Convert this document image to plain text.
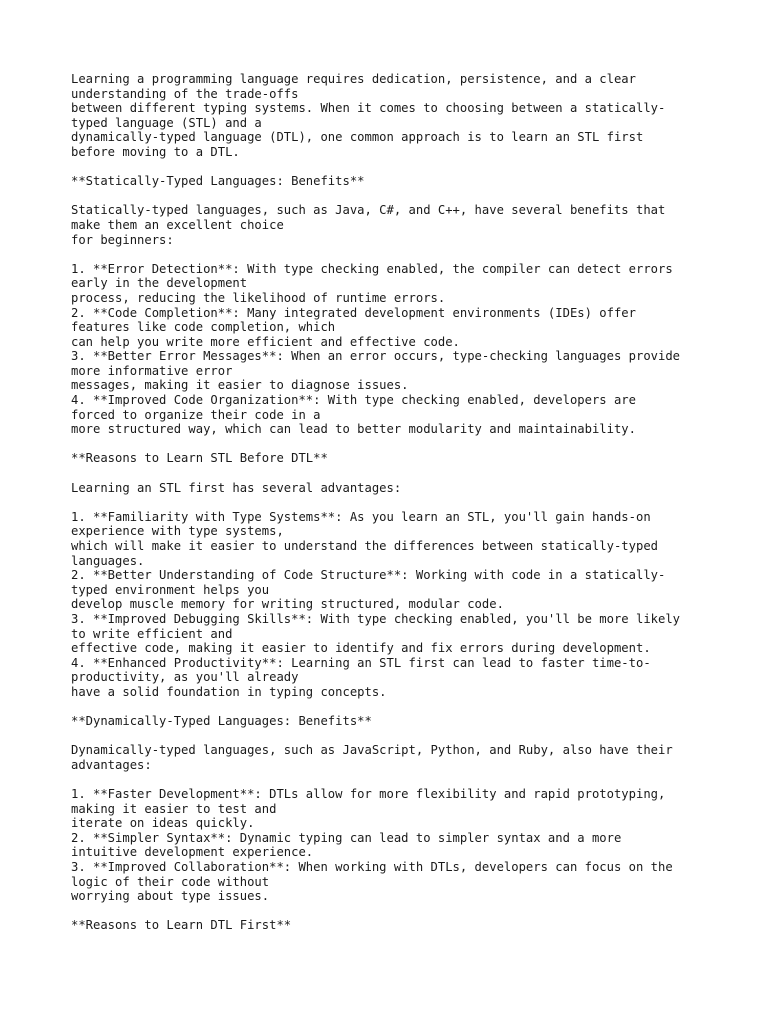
Learning a programming language requires dedication, persistence, and a clear
understanding of the trade-offs
between different typing systems. When it comes to choosing between a statically-
typed language (STL) and a
dynamically-typed language (DTL), one common approach is to learn an STL first
before moving to a DTL.
**Statically-Typed Languages: Benefits**
Statically-typed languages, such as Java, C#, and C++, have several benefits that
make them an excellent choice
for beginners:
1. **Error Detection**: With type checking enabled, the compiler can detect errors
early in the development
process, reducing the likelihood of runtime errors.
2. **Code Completion**: Many integrated development environments (IDEs) offer
features like code completion, which
can help you write more efficient and effective code.
3. **Better Error Messages**: When an error occurs, type-checking languages provide
more informative error
messages, making it easier to diagnose issues.
4. **Improved Code Organization**: With type checking enabled, developers are
forced to organize their code in a
more structured way, which can lead to better modularity and maintainability.
**Reasons to Learn STL Before DTL**
Learning an STL first has several advantages:
1. **Familiarity with Type Systems**: As you learn an STL, you'll gain hands-on
experience with type systems,
which will make it easier to understand the differences between statically-typed
languages.
2. **Better Understanding of Code Structure**: Working with code in a statically-
typed environment helps you
develop muscle memory for writing structured, modular code.
3. **Improved Debugging Skills**: With type checking enabled, you'll be more likely
to write efficient and
effective code, making it easier to identify and fix errors during development.
4. **Enhanced Productivity**: Learning an STL first can lead to faster time-to-
productivity, as you'll already
have a solid foundation in typing concepts.
**Dynamically-Typed Languages: Benefits**
Dynamically-typed languages, such as JavaScript, Python, and Ruby, also have their
advantages:
1. **Faster Development**: DTLs allow for more flexibility and rapid prototyping,
making it easier to test and
iterate on ideas quickly.
2. **Simpler Syntax**: Dynamic typing can lead to simpler syntax and a more
intuitive development experience.
3. **Improved Collaboration**: When working with DTLs, developers can focus on the
logic of their code without
worrying about type issues.
**Reasons to Learn DTL First**
